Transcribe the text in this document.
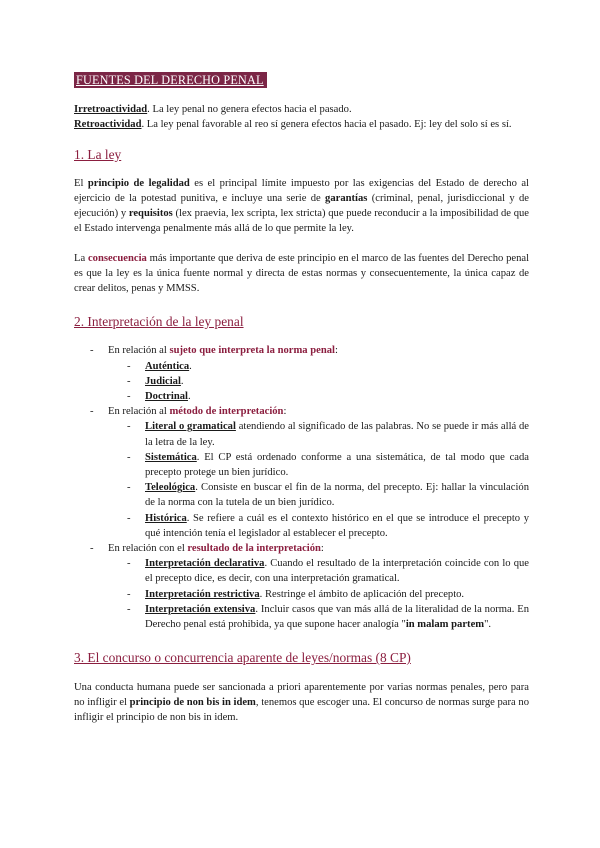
FUENTES DEL DERECHO PENAL

Irretroactividad. La ley penal no genera efectos hacia el pasado.
Retroactividad. La ley penal favorable al reo sí genera efectos hacia el pasado. Ej: ley del solo sí es sí.

1. La ley

El principio de legalidad es el principal límite impuesto por las exigencias del Estado de derecho al ejercicio de la potestad punitiva, e incluye una serie de garantías (criminal, penal, jurisdiccional y de ejecución) y requisitos (lex praevia, lex scripta, lex stricta) que puede reconducir a la imposibilidad de que el Estado intervenga penalmente más allá de lo que permite la ley.

La consecuencia más importante que deriva de este principio en el marco de las fuentes del Derecho penal es que la ley es la única fuente normal y directa de estas normas y consecuentemente, la única capaz de crear delitos, penas y MMSS.

2. Interpretación de la ley penal
- En relación al sujeto que interpreta la norma penal:
- Auténtica.
- Judicial.
- Doctrinal.
- En relación al método de interpretación:
- Literal o gramatical atendiendo al significado de las palabras. No se puede ir más allá de la letra de la ley.
- Sistemática. El CP está ordenado conforme a una sistemática, de tal modo que cada precepto protege un bien jurídico.
- Teleológica. Consiste en buscar el fin de la norma, del precepto. Ej: hallar la vinculación de la norma con la tutela de un bien jurídico.
- Histórica. Se refiere a cuál es el contexto histórico en el que se introduce el precepto y qué intención tenía el legislador al establecer el precepto.
- En relación con el resultado de la interpretación:
- Interpretación declarativa. Cuando el resultado de la interpretación coincide con lo que el precepto dice, es decir, con una interpretación gramatical.
- Interpretación restrictiva. Restringe el ámbito de aplicación del precepto.
- Interpretación extensiva. Incluir casos que van más allá de la literalidad de la norma. En Derecho penal está prohibida, ya que supone hacer analogía "in malam partem".
3. El concurso o concurrencia aparente de leyes/normas (8 CP)

Una conducta humana puede ser sancionada a priori aparentemente por varias normas penales, pero para no infligir el principio de non bis in idem, tenemos que escoger una. El concurso de normas surge para no infligir el principio de non bis in idem.
